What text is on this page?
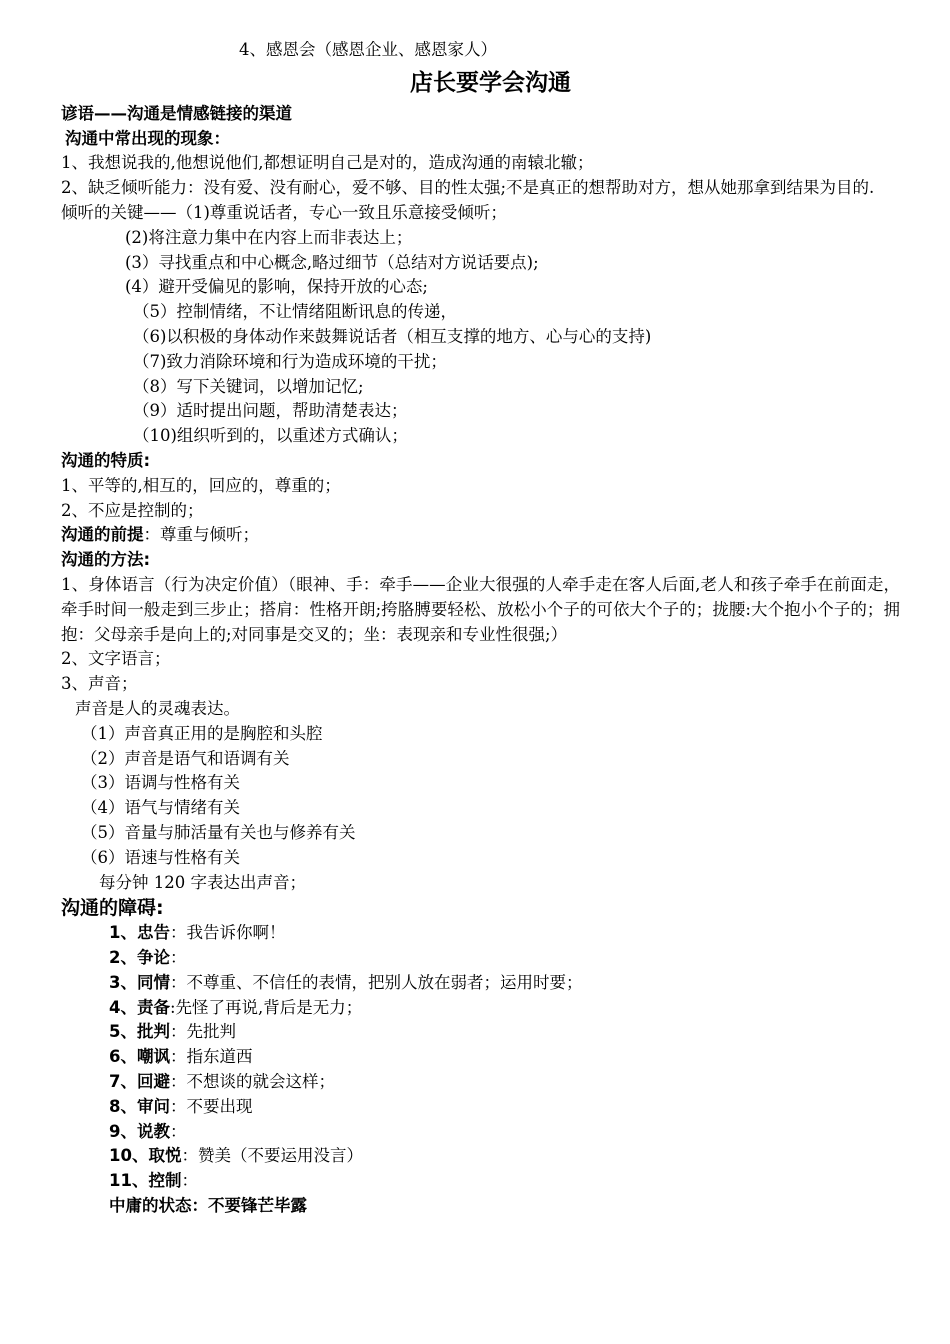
4、感恩会（感恩企业、感恩家人）
店长要学会沟通
谚语——沟通是情感链接的渠道
沟通中常出现的现象：
1、我想说我的,他想说他们,都想证明自己是对的，造成沟通的南辕北辙；
2、缺乏倾听能力：没有爱、没有耐心，爱不够、目的性太强;不是真正的想帮助对方，想从她那拿到结果为目的.
倾听的关键——（1)尊重说话者，专心一致且乐意接受倾听；
(2)将注意力集中在内容上而非表达上；
(3）寻找重点和中心概念,略过细节（总结对方说话要点);
(4）避开受偏见的影响，保持开放的心态;
（5）控制情绪，不让情绪阻断讯息的传递，
（6)以积极的身体动作来鼓舞说话者（相互支撑的地方、心与心的支持)
（7)致力消除环境和行为造成环境的干扰；
（8）写下关键词，以增加记忆;
（9）适时提出问题，帮助清楚表达；
（10)组织听到的，以重述方式确认；
沟通的特质:
1、平等的,相互的，回应的，尊重的；
2、不应是控制的；
沟通的前提：尊重与倾听；
沟通的方法:
1、身体语言（行为决定价值）（眼神、手：牵手——企业大很强的人牵手走在客人后面,老人和孩子牵手在前面走，牵手时间一般走到三步止；搭肩：性格开朗;挎胳膊要轻松、放松小个子的可依大个子的；拢腰:大个抱小个子的；拥抱：父母亲手是向上的;对同事是交叉的；坐：表现亲和专业性很强;）
2、文字语言；
3、声音；
声音是人的灵魂表达。
（1）声音真正用的是胸腔和头腔
（2）声音是语气和语调有关
（3）语调与性格有关
（4）语气与情绪有关
（5）音量与肺活量有关也与修养有关
（6）语速与性格有关
每分钟 120 字表达出声音；
沟通的障碍:
1、忠告：我告诉你啊！
2、争论：
3、同情：不尊重、不信任的表情，把别人放在弱者；运用时要；
4、责备:先怪了再说,背后是无力；
5、批判：先批判
6、嘲讽：指东道西
7、回避：不想谈的就会这样；
8、审问：不要出现
9、说教：
10、取悦：赞美（不要运用没言）
11、控制：
中庸的状态：不要锋芒毕露
